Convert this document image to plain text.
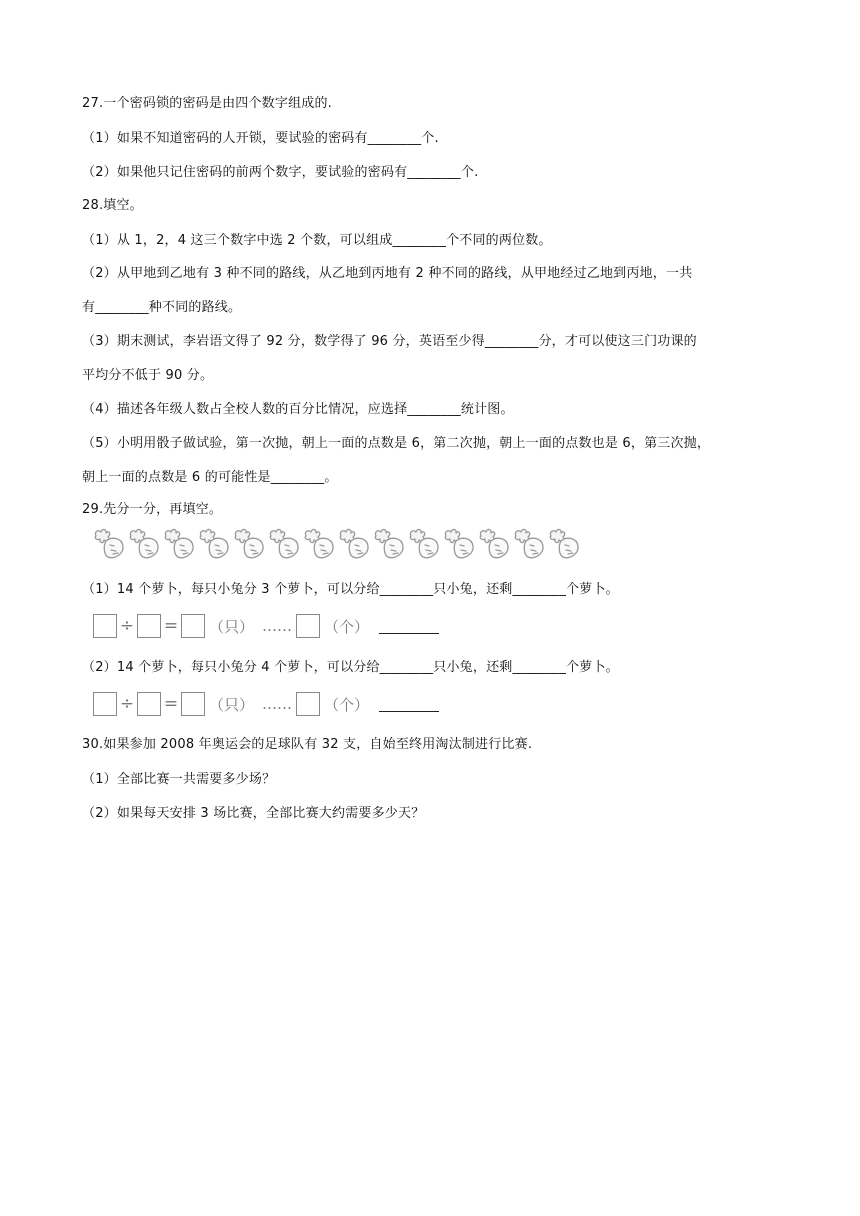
27.一个密码锁的密码是由四个数字组成的.
（1）如果不知道密码的人开锁，要试验的密码有________个.
（2）如果他只记住密码的前两个数字，要试验的密码有________个.
28.填空。
（1）从 1，2，4 这三个数字中选 2 个数，可以组成________个不同的两位数。
（2）从甲地到乙地有 3 种不同的路线，从乙地到丙地有 2 种不同的路线，从甲地经过乙地到丙地，一共
有________种不同的路线。
（3）期末测试，李岩语文得了 92 分，数学得了 96 分，英语至少得________分，才可以使这三门功课的
平均分不低于 90 分。
（4）描述各年级人数占全校人数的百分比情况，应选择________统计图。
（5）小明用骰子做试验，第一次抛，朝上一面的点数是 6，第二次抛，朝上一面的点数也是 6，第三次抛，
朝上一面的点数是 6 的可能性是________。
29.先分一分，再填空。
（1）14 个萝卜，每只小兔分 3 个萝卜，可以分给________只小兔，还剩________个萝卜。
÷ = （只） …… （个）
（2）14 个萝卜，每只小兔分 4 个萝卜，可以分给________只小兔，还剩________个萝卜。
÷ = （只） …… （个）
30.如果参加 2008 年奥运会的足球队有 32 支，自始至终用淘汰制进行比赛.
（1）全部比赛一共需要多少场？
（2）如果每天安排 3 场比赛，全部比赛大约需要多少天？
